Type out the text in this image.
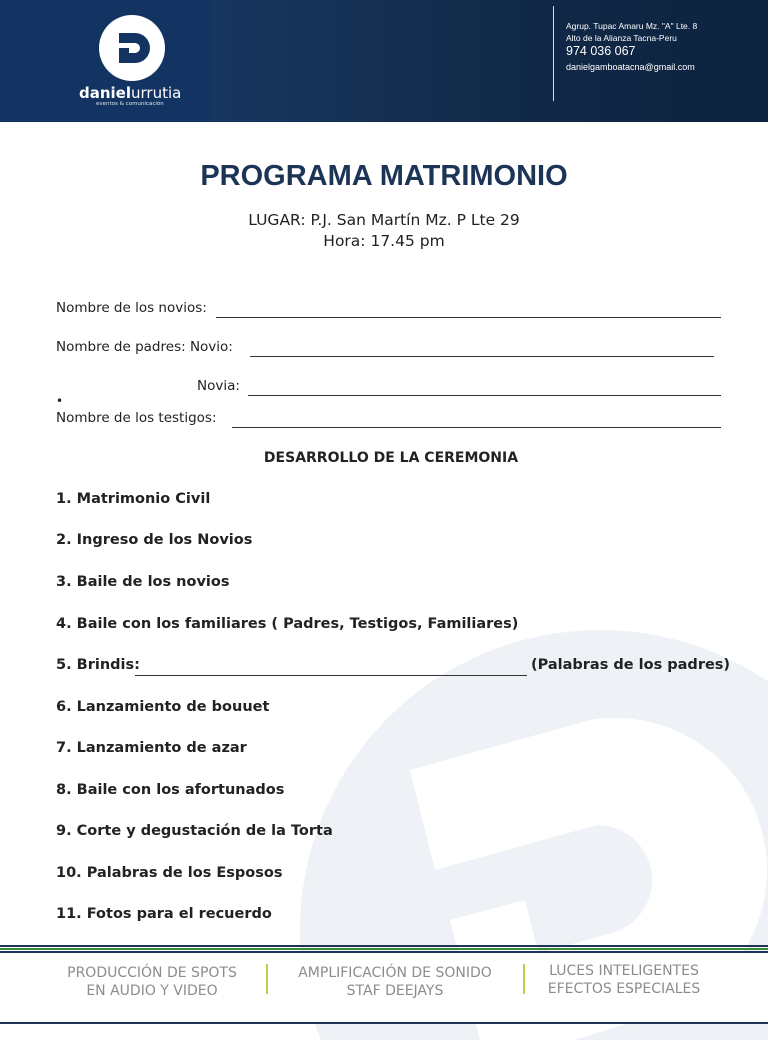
danielurrutia
eventos & comunicación
Agrup. Tupac Amaru Mz. "A" Lte. 8
Alto de la Alianza Tacna-Peru
974 036 067
danielgamboatacna@gmail.com
PROGRAMA MATRIMONIO
LUGAR: P.J. San Martín Mz. P Lte 29
Hora: 17.45 pm
Nombre de los novios:
Nombre de padres: Novio:
Novia:
•
Nombre de los testigos:
DESARROLLO DE LA CEREMONIA
1. Matrimonio Civil
2. Ingreso de los Novios
3. Baile de los novios
4. Baile con los familiares ( Padres, Testigos, Familiares)
5. Brindis:	(Palabras de los padres)
6. Lanzamiento de bouuet
7. Lanzamiento de azar
8. Baile con los afortunados
9. Corte y degustación de la Torta
10. Palabras de los Esposos
11. Fotos para el recuerdo
PRODUCCIÓN DE SPOTS
EN AUDIO Y VIDEO
AMPLIFICACIÓN DE SONIDO
STAF DEEJAYS
LUCES INTELIGENTES
EFECTOS ESPECIALES
